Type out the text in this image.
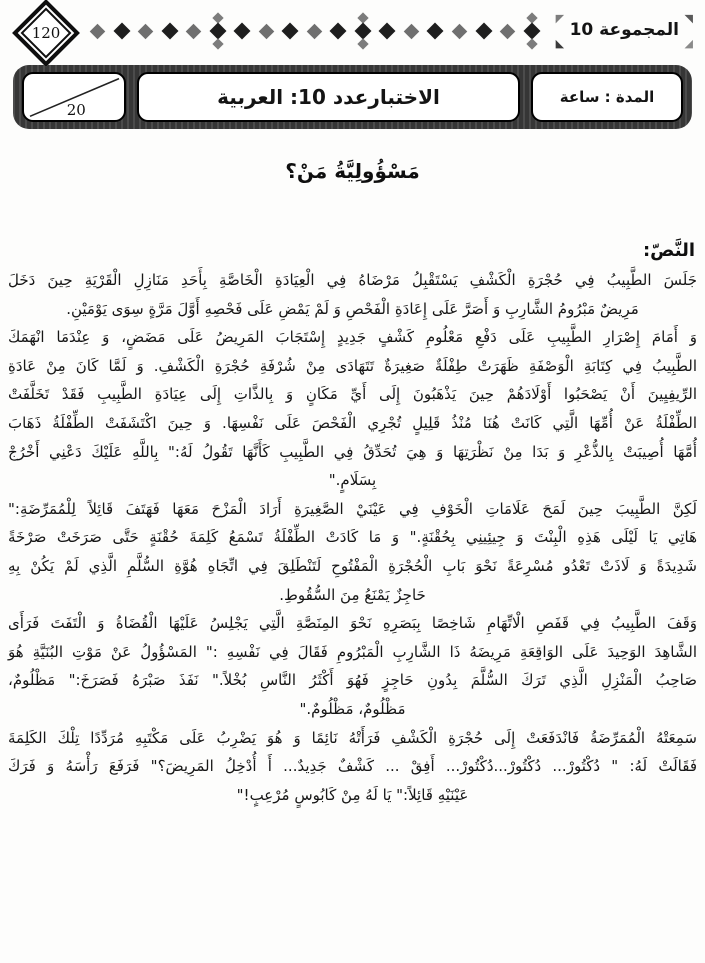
◥
◢
◤
◣
المجموعة 10
120
المدة : ساعة
الاختبارعدد 10: العربية
20
مَسْؤُولِيَّةُ مَنْ؟
النَّصّ:
جَلَسَ الطَّبِيبُ فِي حُجْرَةِ الْكَشْفِ يَسْتَقْبِلُ مَرْضَاهُ فِي الْعِيَادَةِ الْخَاصَّةِ بِأَحَدِ مَنَازِلِ الْقَرْيَةِ حِينَ دَخَلَ
مَرِيضٌ مَبْرُومُ الشَّارِبِ وَ أَصَرَّ عَلَى إِعَادَةِ الْفَحْصِ وَ لَمْ يَمْضِ عَلَى فَحْصِهِ أَوَّلَ مَرَّةٍ سِوَى يَوْمَيْنِ.
وَ أَمَامَ إِصْرَارِ الطَّبِيبِ عَلَى دَفْعِ مَعْلُومِ كَشْفٍ جَدِيدٍ إِسْتَجَابَ المَرِيضُ عَلَى مَضَضٍ، وَ عِنْدَمَا انْهَمَكَ
الطَّبِيبُ فِي كِتَابَةِ الْوَصْفَةِ ظَهَرَتْ طِفْلَةٌ صَغِيرَةٌ تَتَهَادَى مِنْ شُرْفَةِ حُجْرَةِ الْكَشْفِ. وَ لَمَّا كَانَ مِنْ عَادَةِ
الرِّيفِيِينَ أَنْ يَصْحَبُوا أَوْلَادَهُمْ حِينَ يَذْهَبُونَ إِلَى أَيِّ مَكَانٍ وَ بِالذَّاتِ إِلَى عِيَادَةِ الطَّبِيبِ فَقَدْ تَخَلَّفَتْ
الطِّفْلَةُ عَنْ أُمِّهَا الَّتِي كَانَتْ هُنَا مُنْذُ قَلِيلٍ تُجْرِي الْفَحْصَ عَلَى نَفْسِهَا. وَ حِينَ اكْتَشَفَتْ الطِّفْلَةُ ذَهَابَ
أُمَّهَا أُصِيبَتْ بِالذُّعْرِ وَ بَدَا مِنْ نَظْرَتِهَا وَ هِيَ تُحَدِّقُ فِي الطَّبِيبِ كَأَنَّهَا تَقُولُ لَهُ:" بِاللَّهِ عَلَيْكَ دَعْنِي أَخْرُجْ
بِسَلَامٍ."
لَكِنَّ الطَّبِيبَ حِينَ لَمَحَ عَلَامَاتِ الْخَوْفِ فِي عَيْنَيْ الصَّغِيرَةِ أَرَادَ الْمَزْحَ مَعَهَا فَهَتَفَ قَائِلاً لِلْمُمَرِّضَةِ:"
هَاتِي يَا لَيْلَى هَذِهِ الْبِنْتَ وَ جِيئِينِي بِحُقْنَةٍ." وَ مَا كَادَتْ الطِّفْلَةُ تَسْمَعُ كَلِمَةَ حُقْنَةٍ حَتَّى صَرَخَتْ صَرْخَةً
شَدِيدَةً وَ لَاذَتْ تَعْدُو مُسْرِعَةً نَحْوَ بَابِ الْحُجْرَةِ الْمَفْتُوحِ لَتَنْطَلِقَ فِي اتِّجَاهِ هُوَّةِ السُّلَّمِ الَّذِي لَمْ يَكُنْ بِهِ
حَاجِزٌ يَمْنَعُ مِنَ السُّقُوطِ.
وَقَفَ الطَّبِيبُ فِي قَفَصِ الْاتِّهَامِ شَاخِصًا بِبَصَرِهِ نَحْوَ المِنَصَّةِ الَّتِي يَجْلِسُ عَلَيْهَا الْقُضَاةُ وَ الْتَفَتَ فَرَأَى
الشَّاهِدَ الوَحِيدَ عَلَى الوَاقِعَةِ مَرِيضَهُ ذَا الشَّارِبِ الْمَبْرُومِ فَقَالَ فِي نَفْسِهِ :" المَسْؤُولُ عَنْ مَوْتِ البُنَيَّةِ هُوَ
صَاحِبُ الْمَنْزِلِ الَّذِي تَرَكَ السُّلَّمَ بِدُونِ حَاجِزٍ فَهُوَ أَكْثَرُ النَّاسِ بُخْلاً." نَفَذَ صَبْرَهُ فَصَرَخَ:" مَظْلُومٌ،
مَظْلُومٌ، مَظْلُومٌ."
سَمِعَتْهُ الْمُمَرِّضَةُ فَانْدَفَعَتْ إِلَى حُجْرَةِ الْكَشْفِ فَرَأَتْهُ نَائِمًا وَ هُوَ يَضْرِبُ عَلَى مَكْتَبِهِ مُرَدِّدًا تِلْكَ الكَلِمَةَ
فَقَالَتْ لَهُ: " دُكْتُورْ... دُكْتُورْ...دُكْتُورْ... أَفِقْ ... كَشْفٌ جَدِيدٌ... أَ أُدْخِلُ المَرِيضَ؟" فَرَفَعَ رَأْسَهُ وَ فَرَكَ
عَيْنَيْهِ قَائِلاً:" يَا لَهُ مِنْ كَابُوسٍ مُرْعِبٍ!"
